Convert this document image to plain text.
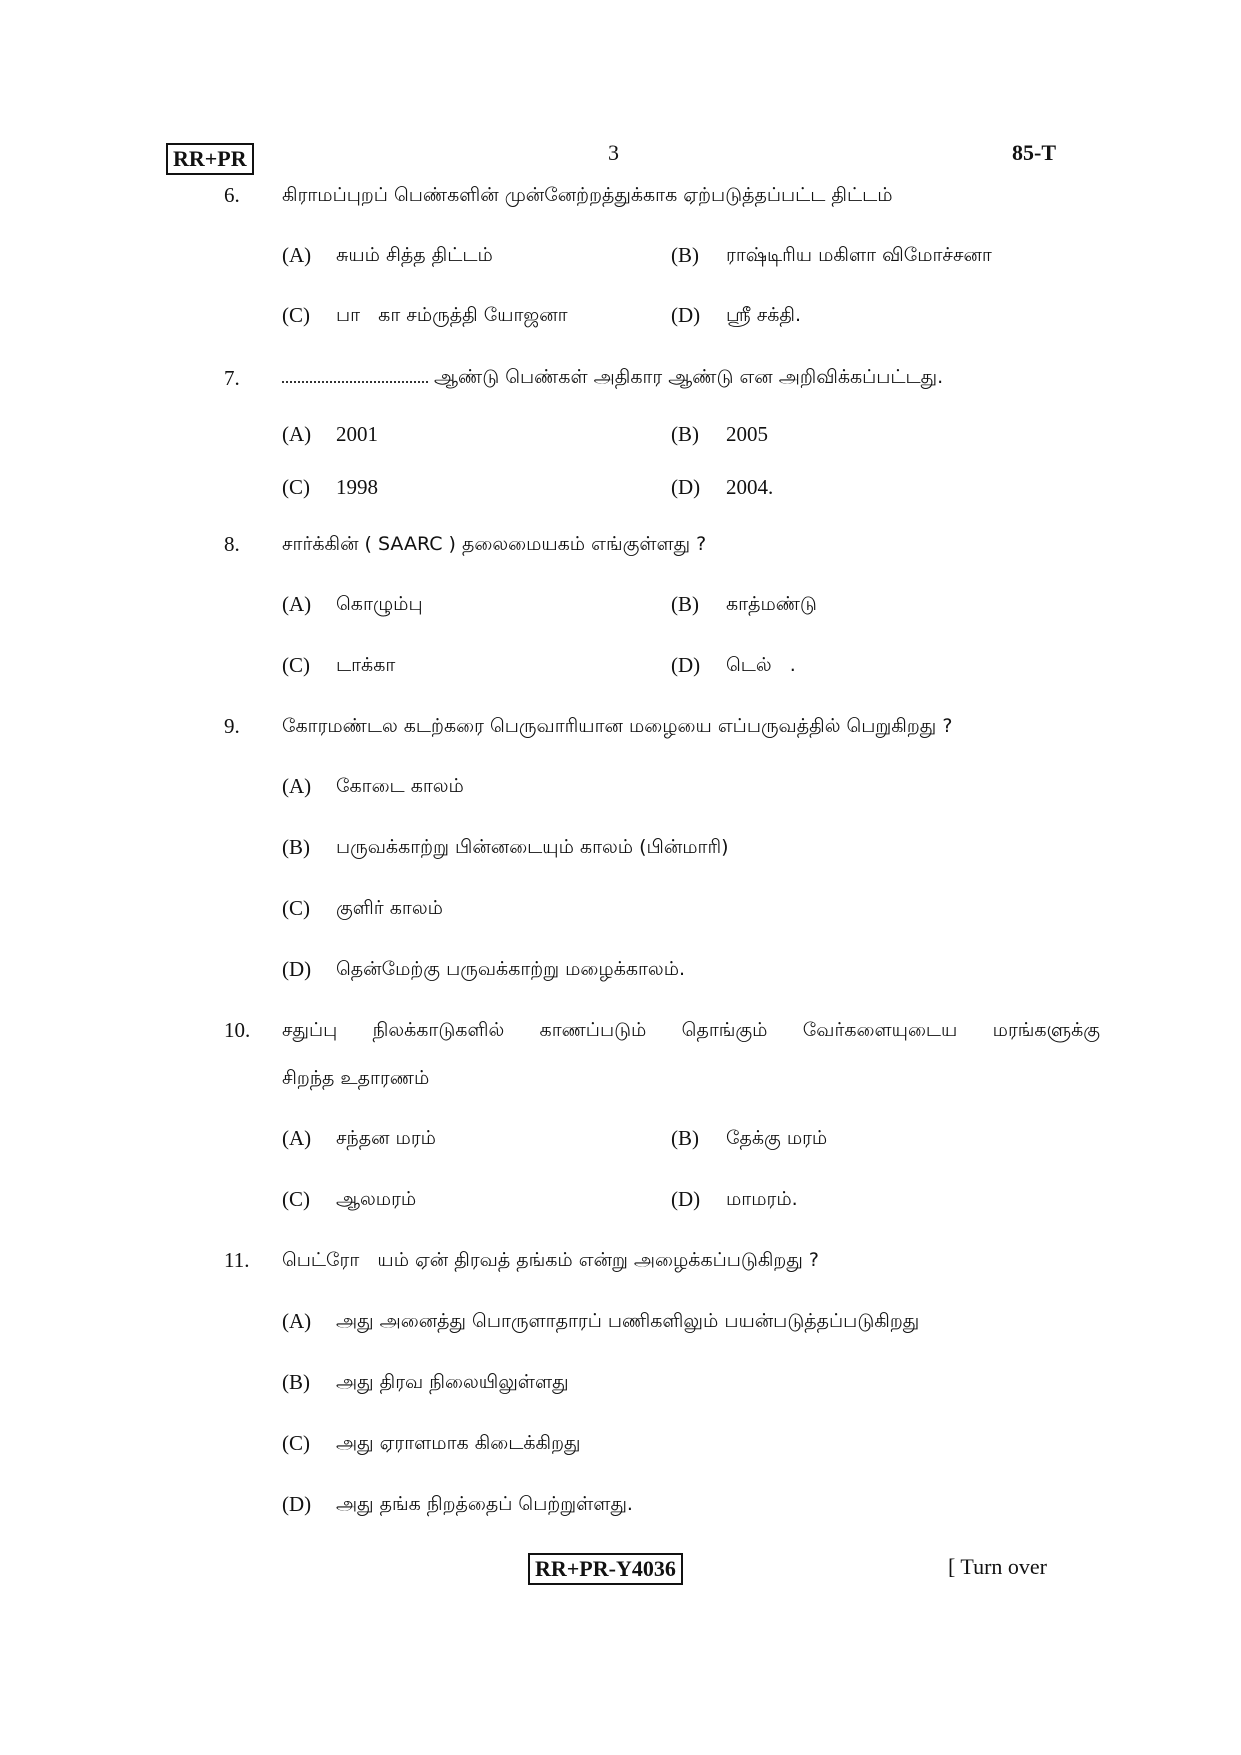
RR+PR	3	85-T
6.	கிராமப்புறப் பெண்களின் முன்னேற்றத்துக்காக ஏற்படுத்தப்பட்ட திட்டம்
(A) சுயம் சித்த திட்டம்	(B) ராஷ்டிரிய மகிளா விமோச்சனா
(C) பா   கா சம்ருத்தி யோஜனா	(D) ஸ்ரீ சக்தி.
7.	ஆண்டு பெண்கள் அதிகார ஆண்டு என அறிவிக்கப்பட்டது.
(A) 2001	(B) 2005
(C) 1998	(D) 2004.
8.	சார்க்கின் ( SAARC ) தலைமையகம் எங்குள்ளது ?
(A) கொழும்பு	(B) காத்மண்டு
(C) டாக்கா	(D) டெல்   .
9.	கோரமண்டல கடற்கரை பெருவாரியான மழையை எப்பருவத்தில் பெறுகிறது ?
(A) கோடை காலம்
(B) பருவக்காற்று பின்னடையும் காலம் (பின்மாரி)
(C) குளிர் காலம்
(D) தென்மேற்கு பருவக்காற்று மழைக்காலம்.
10.	சதுப்பு நிலக்காடுகளில் காணப்படும் தொங்கும் வேர்களையுடைய மரங்களுக்கு
சிறந்த உதாரணம்
(A) சந்தன மரம்	(B) தேக்கு மரம்
(C) ஆலமரம்	(D) மாமரம்.
11.	பெட்ரோ   யம் ஏன் திரவத் தங்கம் என்று அழைக்கப்படுகிறது ?
(A) அது அனைத்து பொருளாதாரப் பணிகளிலும் பயன்படுத்தப்படுகிறது
(B) அது திரவ நிலையிலுள்ளது
(C) அது ஏராளமாக கிடைக்கிறது
(D) அது தங்க நிறத்தைப் பெற்றுள்ளது.
RR+PR-Y4036	[ Turn over
